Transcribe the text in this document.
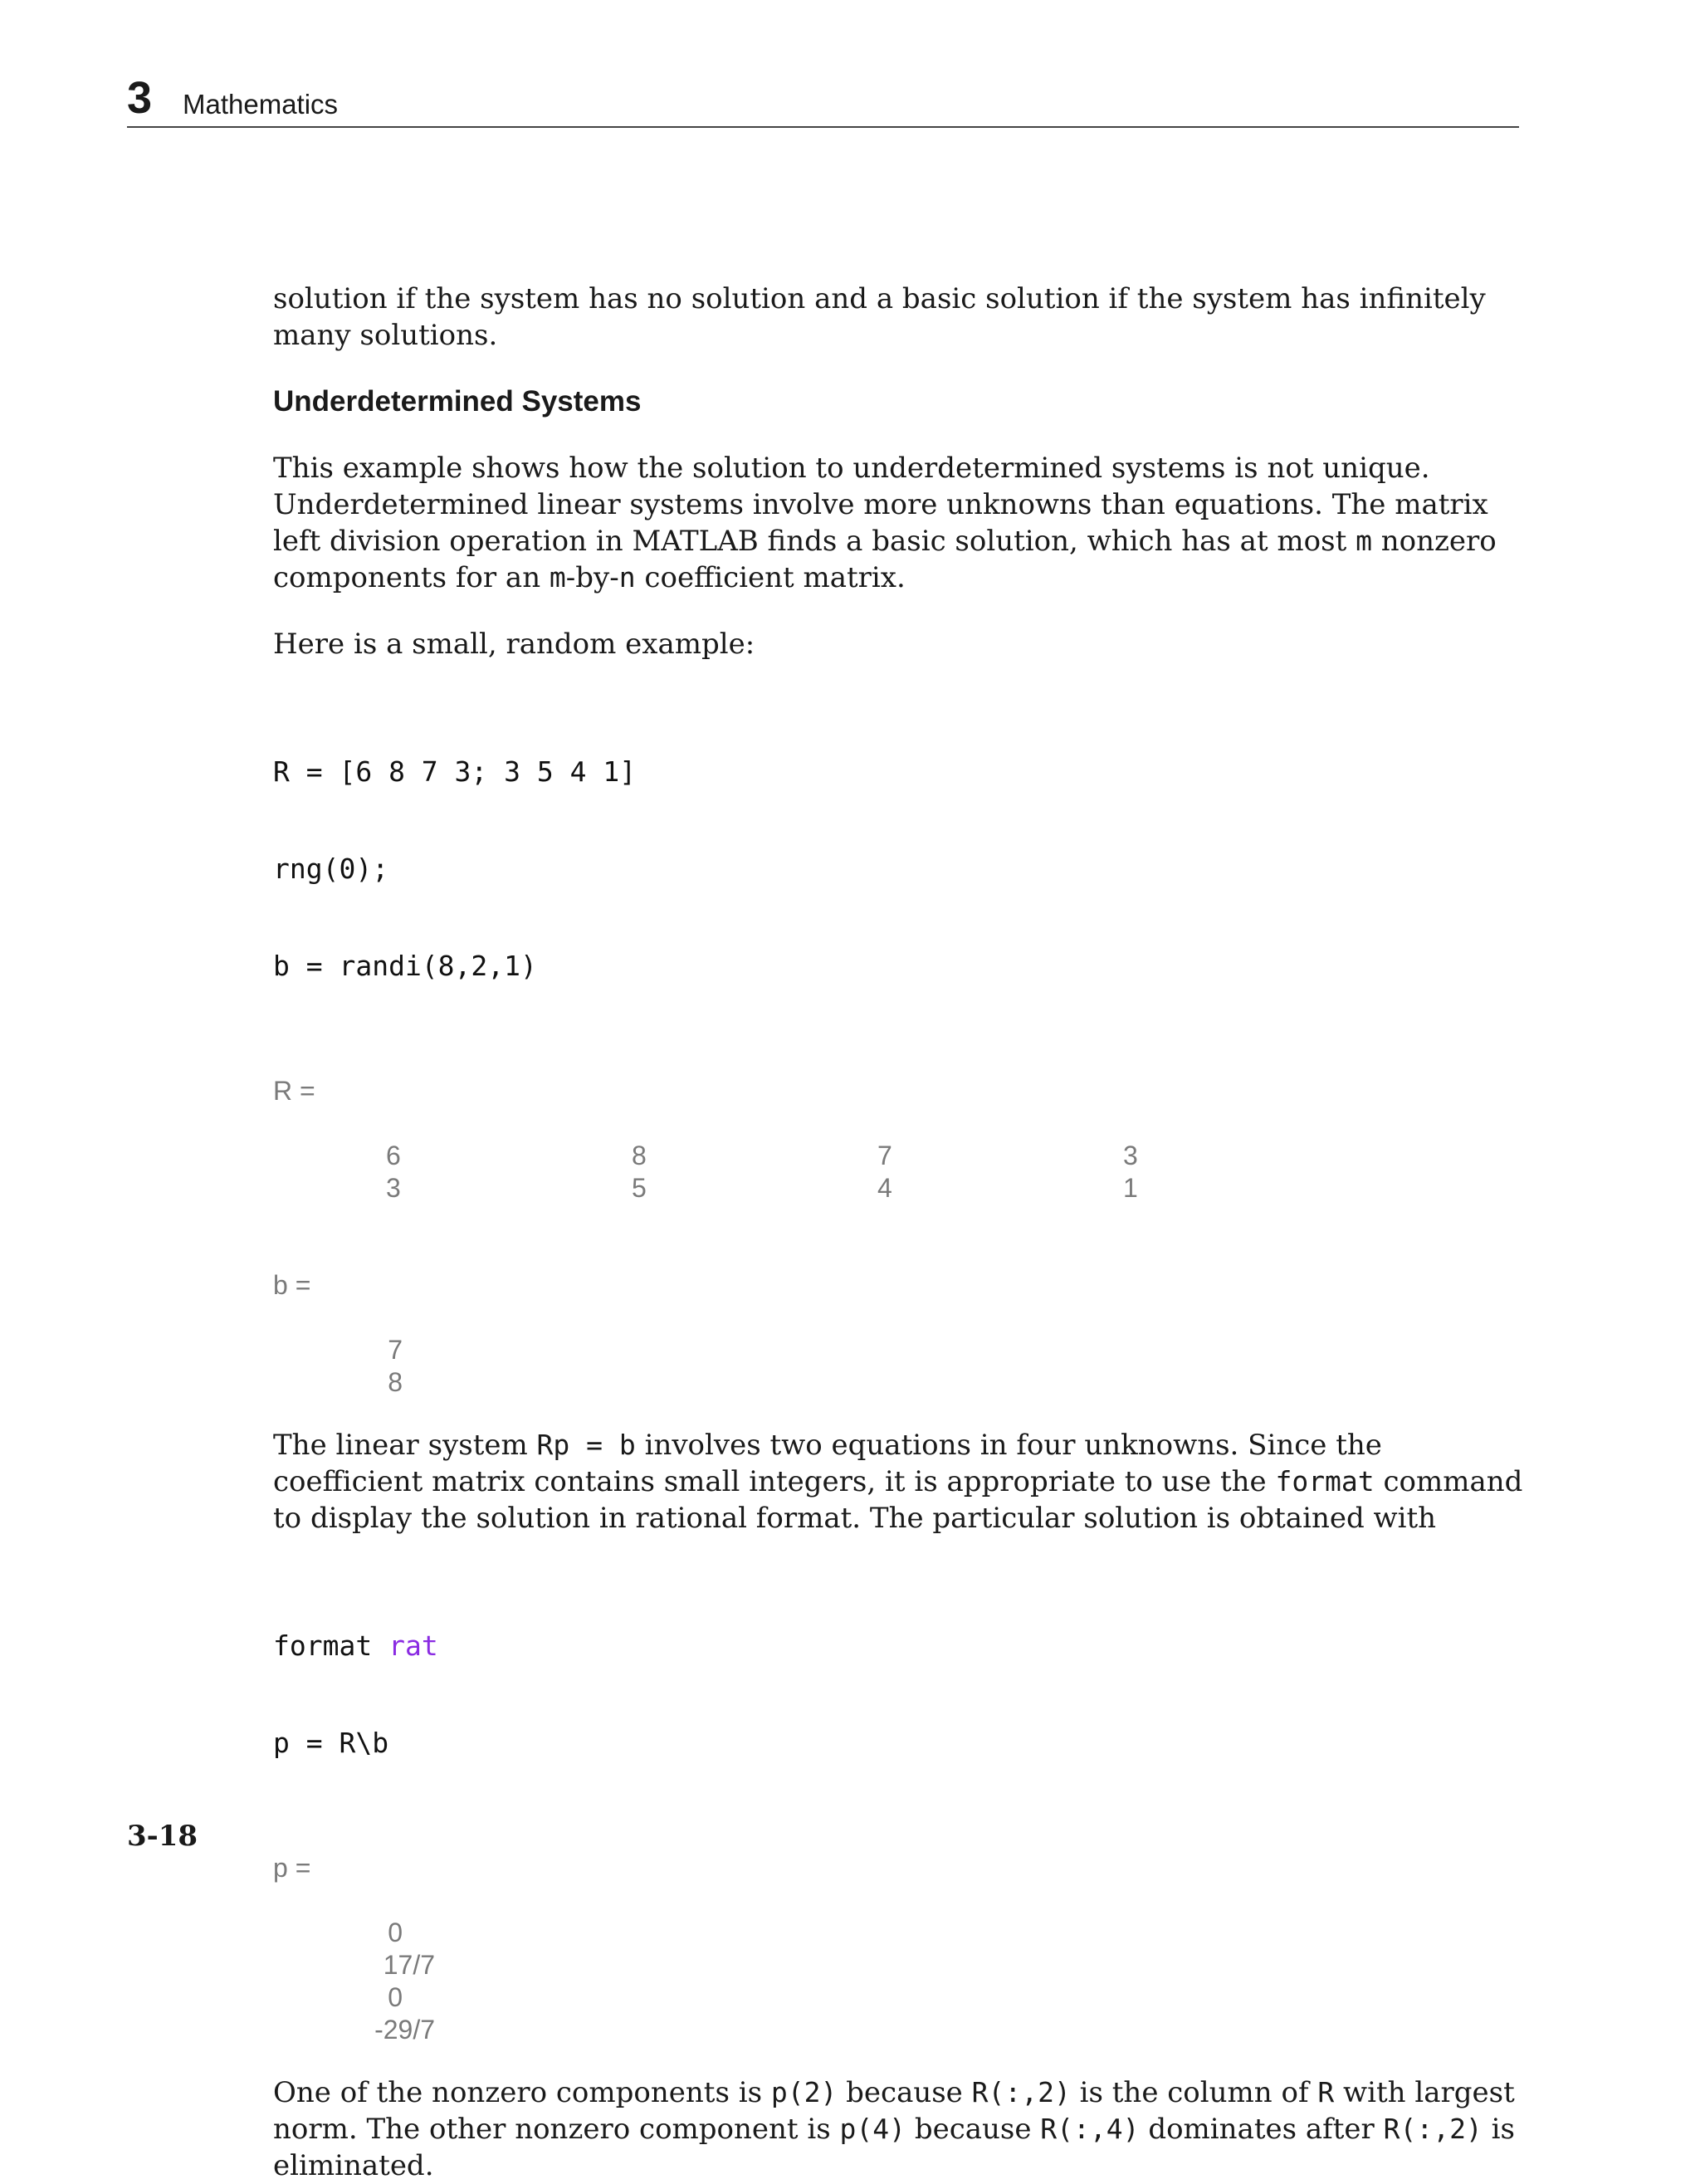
3 Mathematics

solution if the system has no solution and a basic solution if the system has infinitely
many solutions.

Underdetermined Systems

This example shows how the solution to underdetermined systems is not unique. Underdetermined linear systems involve more unknowns than equations. The matrix left division operation in MATLAB finds a basic solution, which has at most m nonzero components for an m-by-n coefficient matrix.

Here is a small, random example:

R = [6 8 7 3; 3 5 4 1]

rng(0);

b = randi(8,2,1)

R =
6	8	7	3
3	5	4	1
b =
7
8

The linear system Rp = b involves two equations in four unknowns. Since the coefficient matrix contains small integers, it is appropriate to use the format command to display the solution in rational format. The particular solution is obtained with

format rat

p = R\b

p =
0
17/7
0
-29/7

One of the nonzero components is p(2) because R(:,2) is the column of R with largest norm. The other nonzero component is p(4) because R(:,4) dominates after R(:,2) is eliminated.

3-18
